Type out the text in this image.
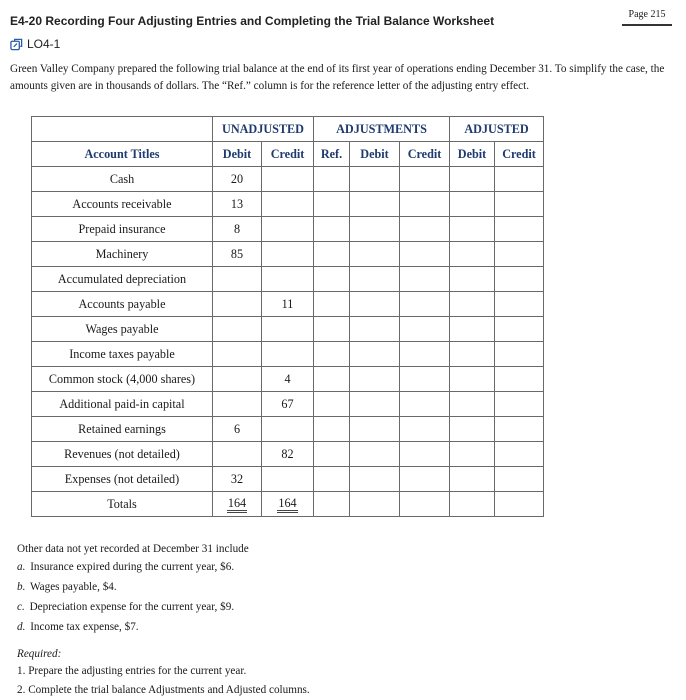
Page 215
E4-20 Recording Four Adjusting Entries and Completing the Trial Balance Worksheet
LO4-1
Green Valley Company prepared the following trial balance at the end of its first year of operations ending December 31. To simplify the case, the amounts given are in thousands of dollars. The “Ref.” column is for the reference letter of the adjusting entry effect.
	UNADJUSTED		ADJUSTMENTS			ADJUSTED	
Account Titles	Debit	Credit	Ref.	Debit	Credit	Debit	Credit
Cash	20						
Accounts receivable	13						
Prepaid insurance	8						
Machinery	85						
Accumulated depreciation							
Accounts payable		11					
Wages payable							
Income taxes payable							
Common stock (4,000 shares)		4					
Additional paid-in capital		67					
Retained earnings	6						
Revenues (not detailed)		82					
Expenses (not detailed)	32						
Totals	164	164					
Other data not yet recorded at December 31 include
a. Insurance expired during the current year, $6.
b. Wages payable, $4.
c. Depreciation expense for the current year, $9.
d. Income tax expense, $7.
Required:
1. Prepare the adjusting entries for the current year.
2. Complete the trial balance Adjustments and Adjusted columns.
